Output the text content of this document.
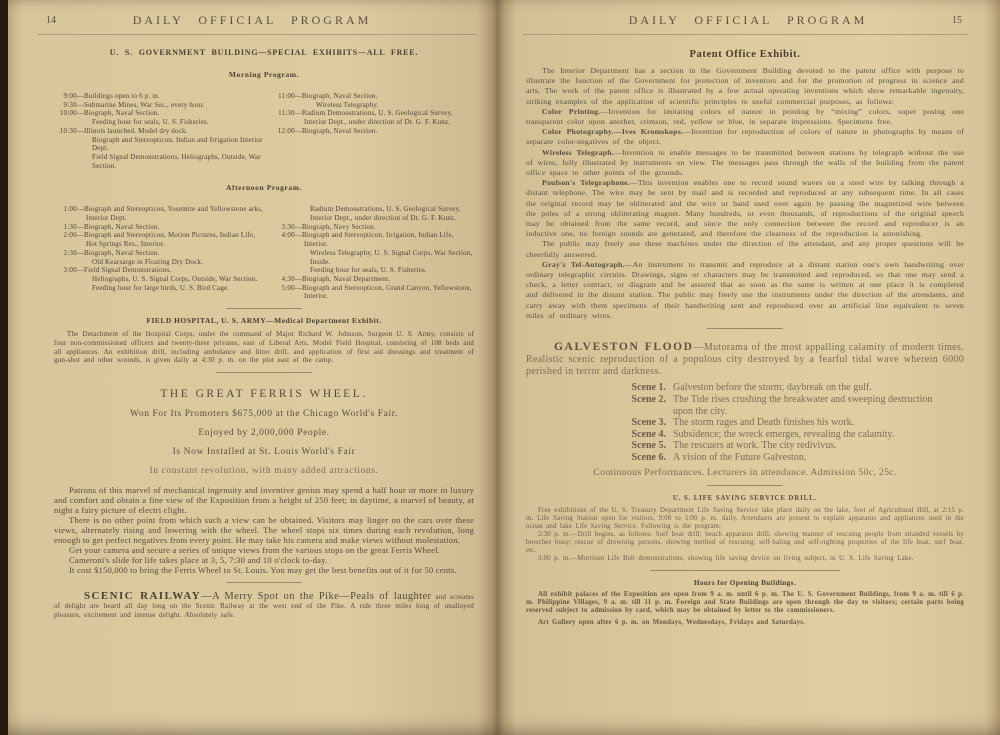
14	DAILY OFFICIAL PROGRAM
U. S. GOVERNMENT BUILDING—SPECIAL EXHIBITS—ALL FREE.
Morning Program.
9:00—Buildings open to 6 p. m.
9:30—Submarine Mines, War Sec., every hour.
10:00—Biograph, Naval Section.
Feeding hour for seals, U. S. Fisheries.
10:30—Illinois launched. Model dry dock.
Biograph and Stereopticon, Indian and Irrigation Interior Dept.
Field Signal Demonstrations, Heliographs, Outside, War Section.
11:00—Biograph, Naval Section.
Wireless Telegraphy.
11:30—Radium Demonstrations, U. S. Geological Survey, Interior Dept., under direction of Dr. G. F. Kunz.
12:00—Biograph, Naval Section.
Afternoon Program.
1:00—Biograph and Stereopticon, Yosemite and Yellowstone arks, Interior Dept.
1:30—Biograph, Naval Section.
2:00—Biograph and Stereopticon, Motion Pictures, Indian Life, Hot Springs Res., Interior.
2:30—Biograph, Naval Section.
Old Kearsarge in Floating Dry Dock.
3:00—Field Signal Demonstrations.
Heliographs, U. S. Signal Corps, Outside, War Section.
Feeding hour for large birds, U. S. Bird Cage.
Radium Demonstrations, U. S. Geological Survey, Interior Dept., under direction of Dr. G. F. Kunz.
3:30—Biograph, Navy Section.
4:00—Biograph and Stereopticon, Irrigation, Indian Life, Interior.
Wireless Telegraphy, U. S. Signal Corps, War Section, Inside.
Feeding hour for seals, U. S. Fisheries.
4:30—Biograph, Naval Department.
5:00—Biograph and Stereopticon, Grand Canyon, Yellowstone, Interior.
FIELD HOSPITAL, U. S. ARMY—Medical Department Exhibit.

The Detachment of the Hospital Corps, under the command of Major Richard W. Johnson, Surgeon U. S. Army, consists of four non-commissioned officers and twenty-three privates, east of Liberal Arts, Model Field Hospital, consisting of 108 beds and all appliances. An exhibition drill, including ambulance and litter drill, and application of first aid dressings and treatment of gun-shot and other wounds, is given daily at 4:30 p. m. on the plot east of the camp.

THE GREAT FERRIS WHEEL.
Won For Its Promoters $675,000 at the Chicago World's Fair.
Enjoyed by 2,000,000 People.
Is Now Installed at St. Louis World's Fair
In constant revolution, with many added attractions.

Patrons of this marvel of mechanical ingenuity and inventive genius may spend a half hour or more in luxury and comfort and obtain a fine view of the Exposition from a height of 250 feet; in daytime, a marvel of beauty, at night a fairy picture of electri clight.

There is no other point from which such a view can be obtained. Visitors may linger on the cars over these views, alternately rising and lowering with the wheel. The wheel stops six times during each revolution, long enough to get perfect negatives from every point. He may take his camera and make views without molestation.

Get your camera and secure a series of unique views from the various stops on the great Ferris Wheel.

Cameroni's slide for life takes place at 3, 5, 7:30 and 10 o'clock to-day.

It cost $150,000 to bring the Ferris Wheel to St. Louis. You may get the best benefits out of it for 50 cents.

SCENIC RAILWAY—A Merry Spot on the Pike—Peals of laughter and screams of delight are heard all day long on the Scenic Railway at the west end of the Pike. A ride three miles long of unalloyed pleasure, excitement and intense delight. Absolutely safe.

DAILY OFFICIAL PROGRAM	15
Patent Office Exhibit.

The Interior Department has a section in the Government Building devoted to the patent office with purpose to illustrate the function of the Government for protection of inventors and for the promotion of progress in science and arts. The work of the patent office is illustrated by a few actual operating inventions which show remarkable ingenuity, striking examples of the application of scientific principles to useful commercial purposes, as follows:

Color Printing.—Invention for imitating colors of nature in printing by “mixing” colors, super posing one transparent color upon another, crimson, red, yellow or blue, in separate impressions. Specimens free.

Color Photography.—Ives Kromskops.—Invention for reproduction of colors of nature in photographs by means of separate color-negatives of the object.

Wireless Telegraph.—Invention to enable messages to be transmitted between stations by telegraph without the use of wires, fully illustrated by instruments on view. The messages pass through the walls of the building from the patent office space to other points of the grounds.

Poulson's Telegraphone.—This invention enables one to record sound waves on a steel wire by talking through a distant telephone. The wire may be sent by mail and is recorded and reproduced at any subsequent time. In all cases the original record may be obliterated and the wire or band used over again by passing the magnetized wire between the poles of a strong obliterating magnet. Many hundreds, or even thousands, of reproductions of the original speech may be obtained from the same record, and since the only connection between the record and reproducer is an inductive one, no foreign sounds are generated, and therefore the clearness of the reproduction is astonishing.

The public may freely use these machines under the direction of the attendant, and any proper questions will be cheerfully answered.

Gray's Tel-Autograph.—An instrument to transmit and reproduce at a distant station one's own handwriting over ordinary telegraphic circuits. Drawings, signs or characters may be transmitted and reproduced, so that one may send a check, a letter contract, or diagram and be assured that as soon as the same is written at one place it is completed and delivered in the distant station. The public may freely use the instruments under the direction of the attendants, and carry away with them specimens of their handwriting sent and reproduced over an artificial line equivalent to seven miles of ordinary wires.

GALVESTON FLOOD—Mutorama of the most appalling calamity of modern times. Realistic scenic reproduction of a populous city destroyed by a fearful tidal wave wherein 6000 perished in terror and darkness.

Scene 1. Galveston before the storm; daybreak on the gulf.
Scene 2. The Tide rises crushing the breakwater and sweeping destruction upon the city.
Scene 3. The storm rages and Death finishes his work.
Scene 4. Subsidence; the wreck emerges, revealing the calamity.
Scene 5. The rescuers at work. The city redivivus.
Scene 6. A vision of the Future Galveston.
Continuous Performances. Lecturers in attendance. Admission 50c, 25c.
U. S. LIFE SAVING SERVICE DRILL.

Free exhibitions of the U. S. Treasury Department Life Saving Service take place daily on the lake, foot of Agricultural Hill, at 2:15 p. m. Life Saving Station open for visitors, 9:00 to 5:00 p. m. daily. Attendants are present to explain apparatus and appliances used in the ocean and lake Life Saving Service. Following is the program:

2:30 p. m.—Drill begins, as follows: Surf boat drill; beach apparatus drill, showing manner of rescuing people from stranded vessels by breeches buoy; rescue of drowning persons, showing method of rescuing; self-baling and self-righting properties of the life boat, surf boat, etc.

3:00 p. m.—Morrison Life Belt demonstrations, showing life saving device on living subject, in U. S. Life Saving Lake.

Hours for Opening Buildings.

All exhibit palaces of the Exposition are open from 9 a. m. until 6 p. m. The U. S. Government Buildings, from 9 a. m. till 6 p. m. Philippine Villages, 9 a. m. till 11 p. m. Foreign and State Buildings are open through the day to visitors; certain parts being reserved subject to admission by card, which may be obtained by letter to the commissioners.

Art Gallery open after 6 p. m. on Mondays, Wednesdays, Fridays and Saturdays.
